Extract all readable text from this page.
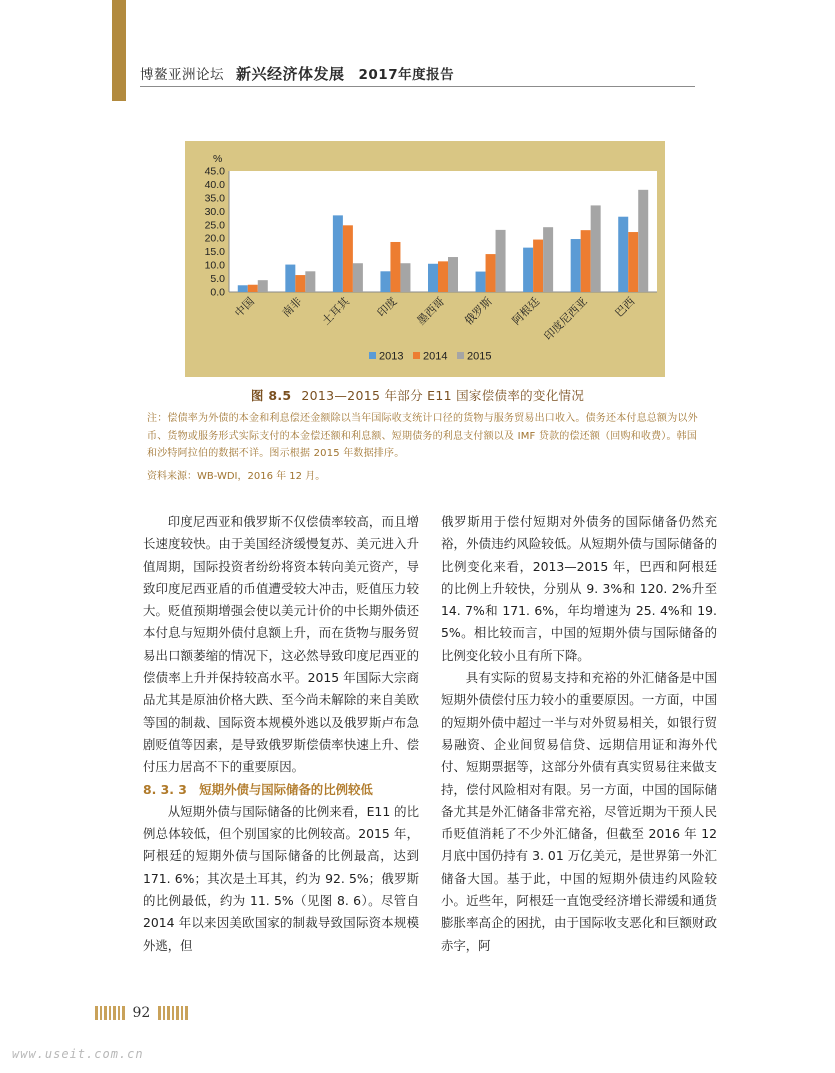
博鳌亚洲论坛 新兴经济体发展 2017年度报告
0.0
5.0
10.0
15.0
20.0
25.0
30.0
35.0
40.0
45.0
%
中国 南非 土耳其 印度 墨西哥 俄罗斯 阿根廷 印度尼西亚 巴西
2013 2014 2015
图 8.5 2013—2015 年部分 E11 国家偿债率的变化情况
注：偿债率为外债的本金和利息偿还金额除以当年国际收支统计口径的货物与服务贸易出口收入。债务还本付息总额为以外币、货物或服务形式实际支付的本金偿还额和利息额、短期债务的利息支付额以及 IMF 贷款的偿还额（回购和收费）。韩国和沙特阿拉伯的数据不详。图示根据 2015 年数据排序。
资料来源：WB-WDI，2016 年 12 月。

印度尼西亚和俄罗斯不仅偿债率较高，而且增长速度较快。由于美国经济缓慢复苏、美元进入升值周期，国际投资者纷纷将资本转向美元资产，导致印度尼西亚盾的币值遭受较大冲击，贬值压力较大。贬值预期增强会使以美元计价的中长期外债还本付息与短期外债付息额上升，而在货物与服务贸易出口额萎缩的情况下，这必然导致印度尼西亚的偿债率上升并保持较高水平。2015 年国际大宗商品尤其是原油价格大跌、至今尚未解除的来自美欧等国的制裁、国际资本规模外逃以及俄罗斯卢布急剧贬值等因素，是导致俄罗斯偿债率快速上升、偿付压力居高不下的重要原因。

8. 3. 3　短期外债与国际储备的比例较低

从短期外债与国际储备的比例来看，E11 的比例总体较低，但个别国家的比例较高。2015 年，阿根廷的短期外债与国际储备的比例最高，达到 171. 6%；其次是土耳其，约为 92. 5%；俄罗斯的比例最低，约为 11. 5%（见图 8. 6）。尽管自 2014 年以来因美欧国家的制裁导致国际资本规模外逃，但

俄罗斯用于偿付短期对外债务的国际储备仍然充裕，外债违约风险较低。从短期外债与国际储备的比例变化来看，2013—2015 年，巴西和阿根廷的比例上升较快，分别从 9. 3%和 120. 2%升至 14. 7%和 171. 6%，年均增速为 25. 4%和 19. 5%。相比较而言，中国的短期外债与国际储备的比例变化较小且有所下降。

具有实际的贸易支持和充裕的外汇储备是中国短期外债偿付压力较小的重要原因。一方面，中国的短期外债中超过一半与对外贸易相关，如银行贸易融资、企业间贸易信贷、远期信用证和海外代付、短期票据等，这部分外债有真实贸易往来做支持，偿付风险相对有限。另一方面，中国的国际储备尤其是外汇储备非常充裕，尽管近期为干预人民币贬值消耗了不少外汇储备，但截至 2016 年 12 月底中国仍持有 3. 01 万亿美元，是世界第一外汇储备大国。基于此，中国的短期外债违约风险较小。近些年，阿根廷一直饱受经济增长滞缓和通货膨胀率高企的困扰，由于国际收支恶化和巨额财政赤字，阿

92
www.useit.com.cn
